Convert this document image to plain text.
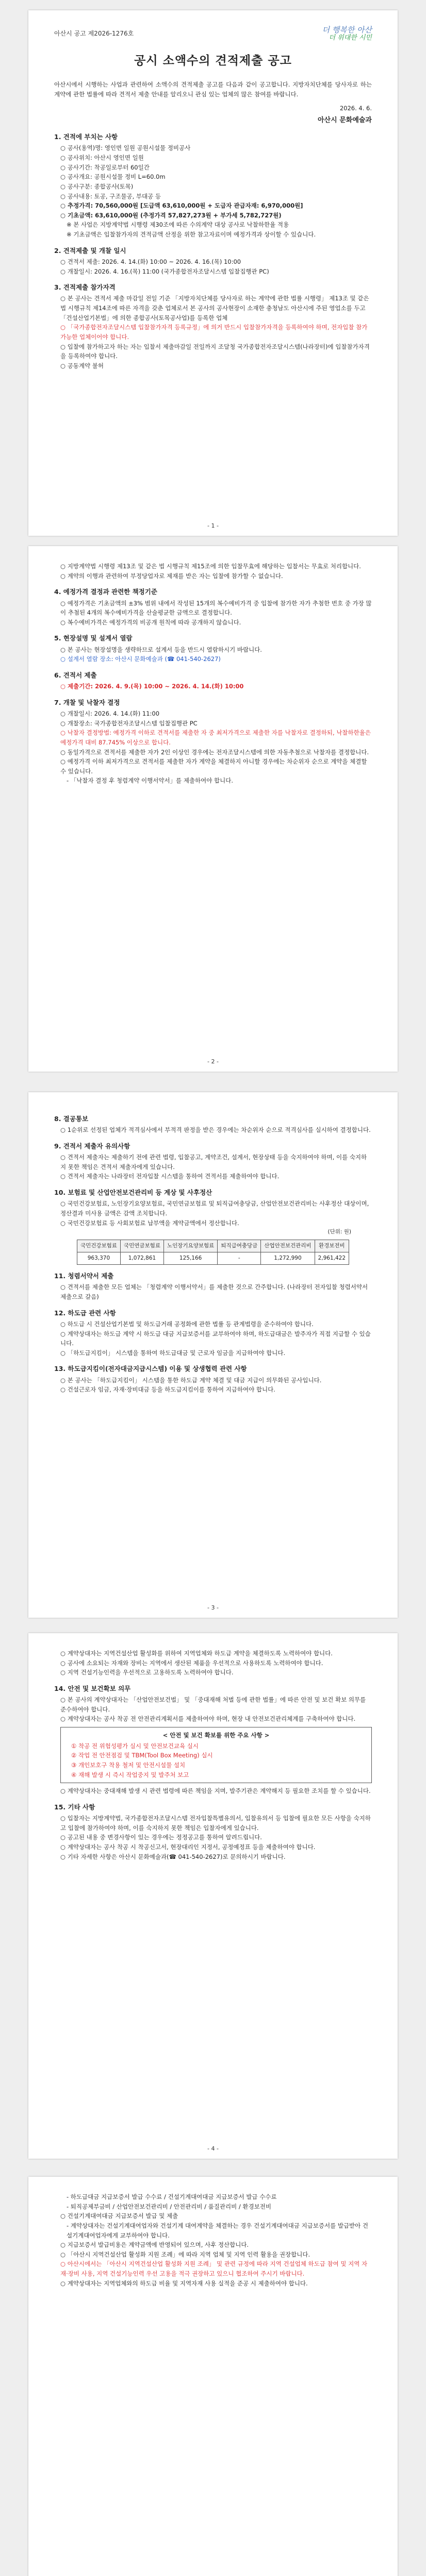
아산시 공고 제2026-1276호	더 행복한 아산
더 위대한 시민
공시 소액수의 견적제출 공고
아산시에서 시행하는 사업과 관련하여 소액수의 견적제출 공고를 다음과 같이 공고합니다. 지방자치단체를 당사자로 하는 계약에 관한 법률에 따라 견적서 제출 안내를 알리오니 관심 있는 업체의 많은 참여를 바랍니다.
2026. 4. 6.
아산시 문화예술과
1. 견적에 부치는 사항
○ 공사(용역)명: 영인면 일원 공원시설물 정비공사
○ 공사위치: 아산시 영인면 일원
○ 공사기간: 착공일로부터 60일간
○ 공사개요: 공원시설물 정비 L=60.0m
○ 공사구분: 종합공사(토목)
○ 공사내용: 토공, 구조물공, 부대공 등
○ 추정가격: 70,560,000원 [도급액 63,610,000원 + 도급자 관급자재: 6,970,000원]
○ 기초금액: 63,610,000원 (추정가격 57,827,273원 + 부가세 5,782,727원)
※ 본 사업은 지방계약법 시행령 제30조에 따른 수의계약 대상 공사로 낙찰하한율 적용
※ 기초금액은 입찰참가자의 견적금액 산정을 위한 참고자료이며 예정가격과 상이할 수 있습니다.
2. 견적제출 및 개찰 일시
○ 견적서 제출: 2026. 4. 14.(화) 10:00 ~ 2026. 4. 16.(목) 10:00
○ 개찰일시: 2026. 4. 16.(목) 11:00 (국가종합전자조달시스템 입찰집행관 PC)
3. 견적제출 참가자격
○ 본 공사는 견적서 제출 마감일 전일 기준 「지방자치단체를 당사자로 하는 계약에 관한 법률 시행령」 제13조 및 같은 법 시행규칙 제14조에 따른 자격을 갖춘 업체로서 본 공사의 공사현장이 소재한 충청남도 아산시에 주된 영업소를 두고 「건설산업기본법」에 의한 종합공사(토목공사업)를 등록한 업체
○ 「국가종합전자조달시스템 입찰참가자격 등록규정」에 의거 반드시 입찰참가자격을 등록하여야 하며, 전자입찰 참가 가능한 업체이어야 합니다.
○ 입찰에 참가하고자 하는 자는 입찰서 제출마감일 전일까지 조달청 국가종합전자조달시스템(나라장터)에 입찰참가자격을 등록하여야 합니다.
○ 공동계약 불허
- 1 -
○ 지방계약법 시행령 제13조 및 같은 법 시행규칙 제15조에 의한 입찰무효에 해당하는 입찰서는 무효로 처리합니다.
○ 계약의 이행과 관련하여 부정당업자로 제재를 받은 자는 입찰에 참가할 수 없습니다.
4. 예정가격 결정과 관련한 책정기준
○ 예정가격은 기초금액의 ±3% 범위 내에서 작성된 15개의 복수예비가격 중 입찰에 참가한 자가 추첨한 번호 중 가장 많이 추첨된 4개의 복수예비가격을 산술평균한 금액으로 결정합니다.
○ 복수예비가격은 예정가격의 비공개 원칙에 따라 공개하지 않습니다.
5. 현장설명 및 설계서 열람
○ 본 공사는 현장설명을 생략하므로 설계서 등을 반드시 열람하시기 바랍니다.
○ 설계서 열람 장소: 아산시 문화예술과 (☎ 041-540-2627)
6. 견적서 제출
○ 제출기간: 2026. 4. 9.(목) 10:00 ~ 2026. 4. 14.(화) 10:00
7. 개찰 및 낙찰자 결정
○ 개찰일시: 2026. 4. 14.(화) 11:00
○ 개찰장소: 국가종합전자조달시스템 입찰집행관 PC
○ 낙찰자 결정방법: 예정가격 이하로 견적서를 제출한 자 중 최저가격으로 제출한 자를 낙찰자로 결정하되, 낙찰하한율은 예정가격 대비 87.745% 이상으로 합니다.
○ 동일가격으로 견적서를 제출한 자가 2인 이상인 경우에는 전자조달시스템에 의한 자동추첨으로 낙찰자를 결정합니다.
○ 예정가격 이하 최저가격으로 견적서를 제출한 자가 계약을 체결하지 아니할 경우에는 차순위자 순으로 계약을 체결할 수 있습니다.
- 「낙찰자 결정 후 청렴계약 이행서약서」를 제출하여야 합니다.
- 2 -
8. 결공통보
○ 1순위로 선정된 업체가 적격심사에서 부적격 판정을 받은 경우에는 차순위자 순으로 적격심사를 실시하여 결정합니다.
9. 견적서 제출자 유의사항
○ 견적서 제출자는 제출하기 전에 관련 법령, 입찰공고, 계약조건, 설계서, 현장상태 등을 숙지하여야 하며, 이를 숙지하지 못한 책임은 견적서 제출자에게 있습니다.
○ 견적서 제출자는 나라장터 전자입찰 시스템을 통하여 견적서를 제출하여야 합니다.
10. 보험료 및 산업안전보건관리비 등 계상 및 사후정산
○ 국민건강보험료, 노인장기요양보험료, 국민연금보험료 및 퇴직급여충당금, 산업안전보건관리비는 사후정산 대상이며, 정산결과 미사용 금액은 감액 조치합니다.
○ 국민건강보험료 등 사회보험료 납부액을 계약금액에서 정산합니다.
(단위: 원)
국민건강보험료	국민연금보험료	노인장기요양보험료	퇴직급여충당금	산업안전보건관리비	환경보전비
963,370	1,072,861	125,166	-	1,272,990	2,961,422
11. 청렴서약서 제출
○ 견적서를 제출한 모든 업체는 「청렴계약 이행서약서」를 제출한 것으로 간주합니다. (나라장터 전자입찰 청렴서약서 제출으로 갈음)
12. 하도급 관련 사항
○ 하도급 시 건설산업기본법 및 하도급거래 공정화에 관한 법률 등 관계법령을 준수하여야 합니다.
○ 계약상대자는 하도급 계약 시 하도급 대금 지급보증서를 교부하여야 하며, 하도급대금은 발주자가 직접 지급할 수 있습니다.
○ 「하도급지킴이」 시스템을 통하여 하도급대금 및 근로자 임금을 지급하여야 합니다.
13. 하도급지킴이(전자대금지급시스템) 이용 및 상생협력 관련 사항
○ 본 공사는 「하도급지킴이」 시스템을 통한 하도급 계약 체결 및 대금 지급이 의무화된 공사입니다.
○ 건설근로자 임금, 자재·장비대금 등을 하도급지킴이를 통하여 지급하여야 합니다.
- 3 -
○ 계약상대자는 지역건설산업 활성화를 위하여 지역업체와 하도급 계약을 체결하도록 노력하여야 합니다.
○ 공사에 소요되는 자재와 장비는 지역에서 생산된 제품을 우선적으로 사용하도록 노력하여야 합니다.
○ 지역 건설기능인력을 우선적으로 고용하도록 노력하여야 합니다.
14. 안전 및 보건확보 의무
○ 본 공사의 계약상대자는 「산업안전보건법」 및 「중대재해 처벌 등에 관한 법률」에 따른 안전 및 보건 확보 의무를 준수하여야 합니다.
○ 계약상대자는 공사 착공 전 안전관리계획서를 제출하여야 하며, 현장 내 안전보건관리체계를 구축하여야 합니다.
< 안전 및 보건 확보를 위한 주요 사항 >
① 착공 전 위험성평가 실시 및 안전보건교육 실시
② 작업 전 안전점검 및 TBM(Tool Box Meeting) 실시
③ 개인보호구 착용 철저 및 안전시설물 설치
④ 재해 발생 시 즉시 작업중지 및 발주처 보고
○ 계약상대자는 중대재해 발생 시 관련 법령에 따른 책임을 지며, 발주기관은 계약해지 등 필요한 조치를 할 수 있습니다.
15. 기타 사항
○ 입찰자는 지방계약법, 국가종합전자조달시스템 전자입찰특별유의서, 입찰유의서 등 입찰에 필요한 모든 사항을 숙지하고 입찰에 참가하여야 하며, 이를 숙지하지 못한 책임은 입찰자에게 있습니다.
○ 공고된 내용 중 변경사항이 있는 경우에는 정정공고를 통하여 알려드립니다.
○ 계약상대자는 공사 착공 시 착공신고서, 현장대리인 지정서, 공정예정표 등을 제출하여야 합니다.
○ 기타 자세한 사항은 아산시 문화예술과(☎ 041-540-2627)로 문의하시기 바랍니다.
- 4 -
- 하도급대금 지급보증서 발급 수수료 / 건설기계대여대금 지급보증서 발급 수수료
- 퇴직공제부금비 / 산업안전보건관리비 / 안전관리비 / 품질관리비 / 환경보전비
○ 건설기계대여대금 지급보증서 발급 및 제출
- 계약상대자는 건설기계대여업자와 건설기계 대여계약을 체결하는 경우 건설기계대여대금 지급보증서를 발급받아 건설기계대여업자에게 교부하여야 합니다.
○ 지급보증서 발급비용은 계약금액에 반영되어 있으며, 사후 정산합니다.
○ 「아산시 지역건설산업 활성화 지원 조례」에 따라 지역 업체 및 지역 인력 활용을 권장합니다.
○ 아산시에서는 「아산시 지역건설산업 활성화 지원 조례」 및 관련 규정에 따라 지역 건설업체 하도급 참여 및 지역 자재·장비 사용, 지역 건설기능인력 우선 고용을 적극 권장하고 있으니 협조하여 주시기 바랍니다.
○ 계약상대자는 지역업체와의 하도급 비율 및 지역자재 사용 실적을 준공 시 제출하여야 합니다.
